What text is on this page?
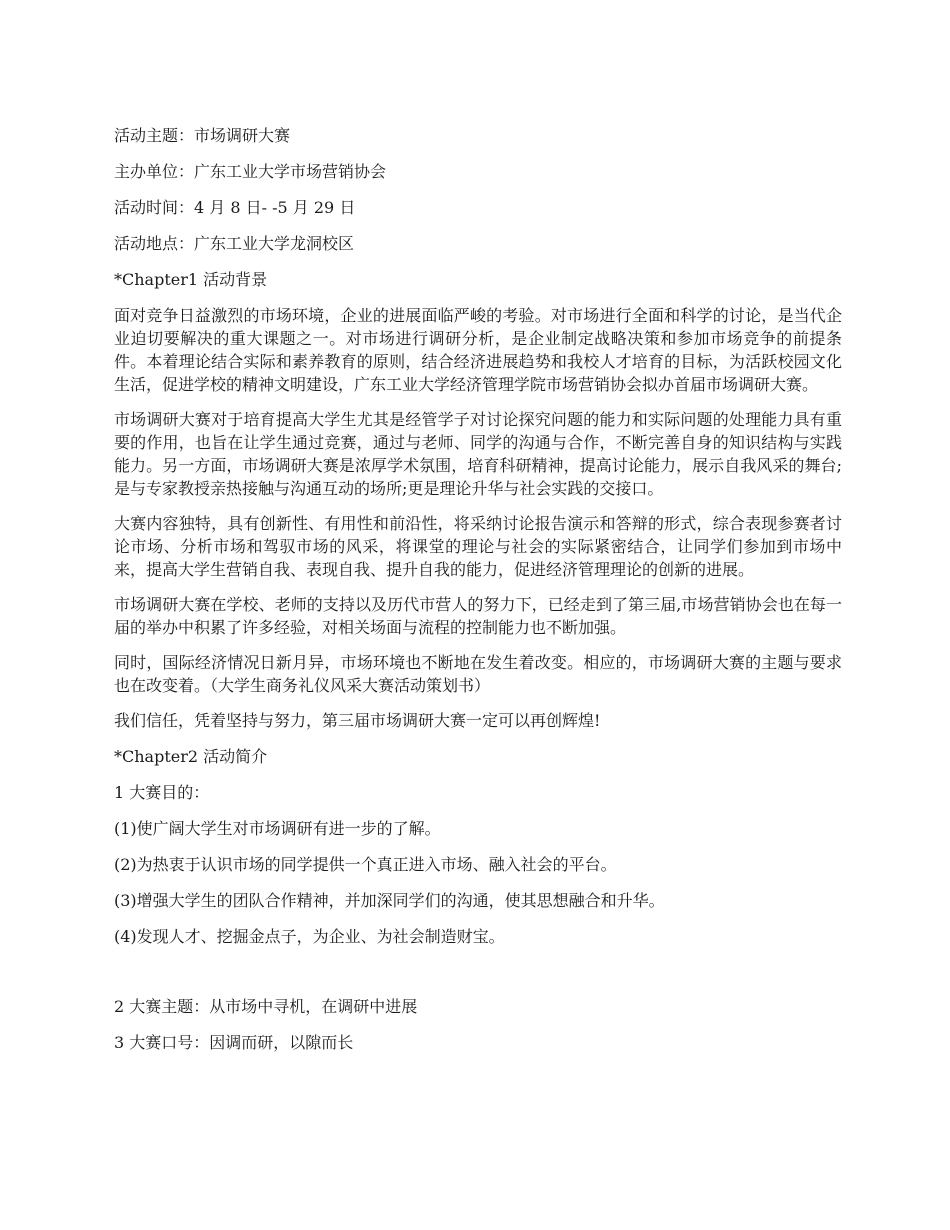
活动主题：市场调研大赛
主办单位：广东工业大学市场营销协会
活动时间：4 月 8 日- -5 月 29 日
活动地点：广东工业大学龙洞校区
*Chapter1 活动背景
面对竞争日益激烈的市场环境，企业的进展面临严峻的考验。对市场进行全面和科学的讨论，是当代企业迫切要解决的重大课题之一。对市场进行调研分析，是企业制定战略决策和参加市场竞争的前提条件。本着理论结合实际和素养教育的原则，结合经济进展趋势和我校人才培育的目标，为活跃校园文化生活，促进学校的精神文明建设，广东工业大学经济管理学院市场营销协会拟办首届市场调研大赛。
市场调研大赛对于培育提高大学生尤其是经管学子对讨论探究问题的能力和实际问题的处理能力具有重要的作用，也旨在让学生通过竞赛，通过与老师、同学的沟通与合作，不断完善自身的知识结构与实践能力。另一方面，市场调研大赛是浓厚学术氛围，培育科研精神，提高讨论能力，展示自我风采的舞台;是与专家教授亲热接触与沟通互动的场所;更是理论升华与社会实践的交接口。
大赛内容独特，具有创新性、有用性和前沿性，将采纳讨论报告演示和答辩的形式，综合表现参赛者讨论市场、分析市场和驾驭市场的风采，将课堂的理论与社会的实际紧密结合，让同学们参加到市场中来，提高大学生营销自我、表现自我、提升自我的能力，促进经济管理理论的创新的进展。
市场调研大赛在学校、老师的支持以及历代市营人的努力下，已经走到了第三届,市场营销协会也在每一届的举办中积累了许多经验，对相关场面与流程的控制能力也不断加强。
同时，国际经济情况日新月异，市场环境也不断地在发生着改变。相应的，市场调研大赛的主题与要求也在改变着。（大学生商务礼仪风采大赛活动策划书）
我们信任，凭着坚持与努力，第三届市场调研大赛一定可以再创辉煌!
*Chapter2 活动简介
1 大赛目的：
(1)使广阔大学生对市场调研有进一步的了解。
(2)为热衷于认识市场的同学提供一个真正进入市场、融入社会的平台。
(3)增强大学生的团队合作精神，并加深同学们的沟通，使其思想融合和升华。
(4)发现人才、挖掘金点子，为企业、为社会制造财宝。
2 大赛主题：从市场中寻机，在调研中进展
3 大赛口号：因调而研，以隙而长
